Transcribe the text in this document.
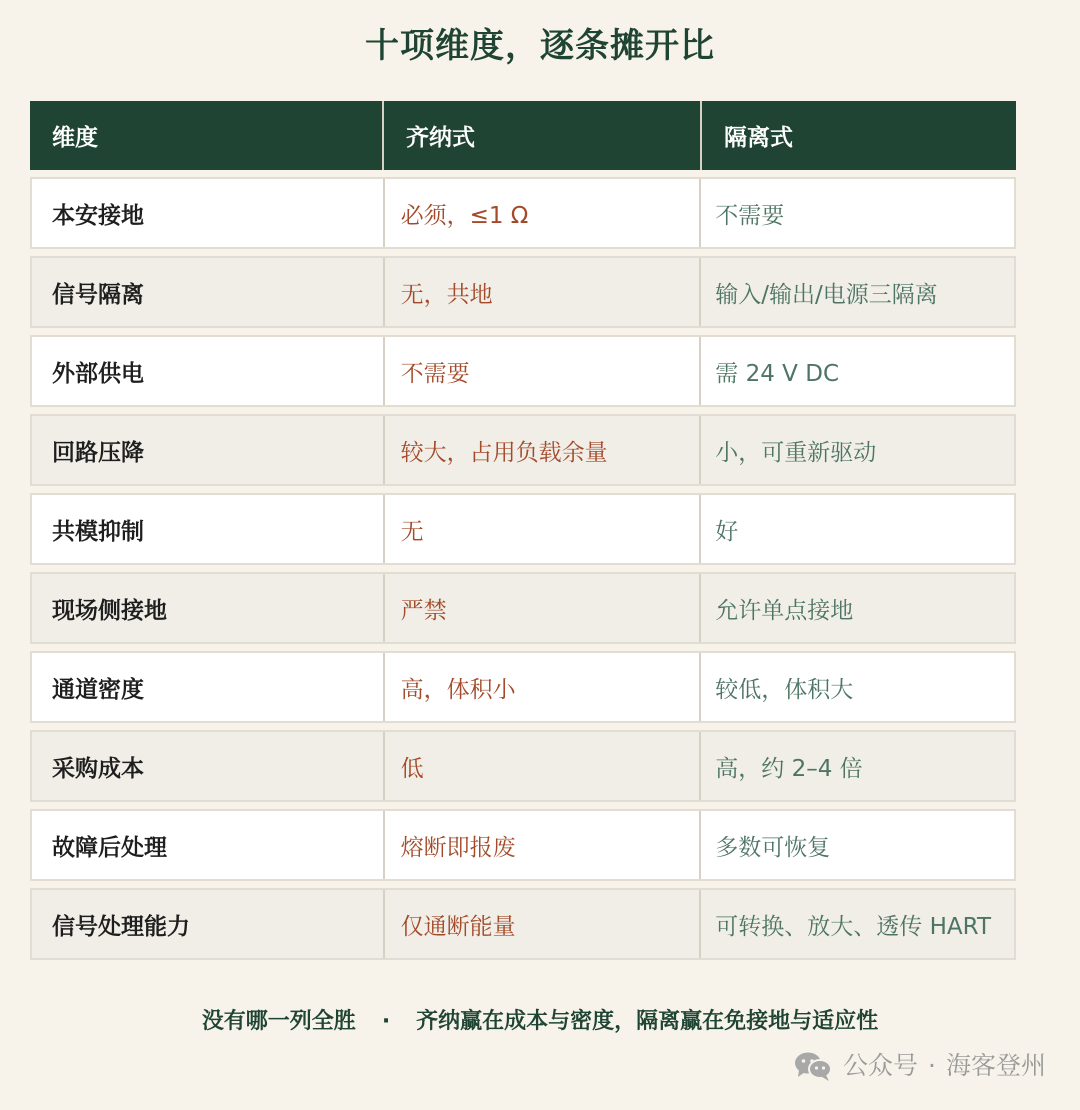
十项维度，逐条摊开比
维度	齐纳式	隔离式
本安接地	必须，≤1 Ω	不需要
信号隔离	无，共地	输入/输出/电源三隔离
外部供电	不需要	需 24 V DC
回路压降	较大，占用负载余量	小，可重新驱动
共模抑制	无	好
现场侧接地	严禁	允许单点接地
通道密度	高，体积小	较低，体积大
采购成本	低	高，约 2–4 倍
故障后处理	熔断即报废	多数可恢复
信号处理能力	仅通断能量	可转换、放大、透传 HART
没有哪一列全胜 · 齐纳赢在成本与密度，隔离赢在免接地与适应性
公众号 · 海客登州
